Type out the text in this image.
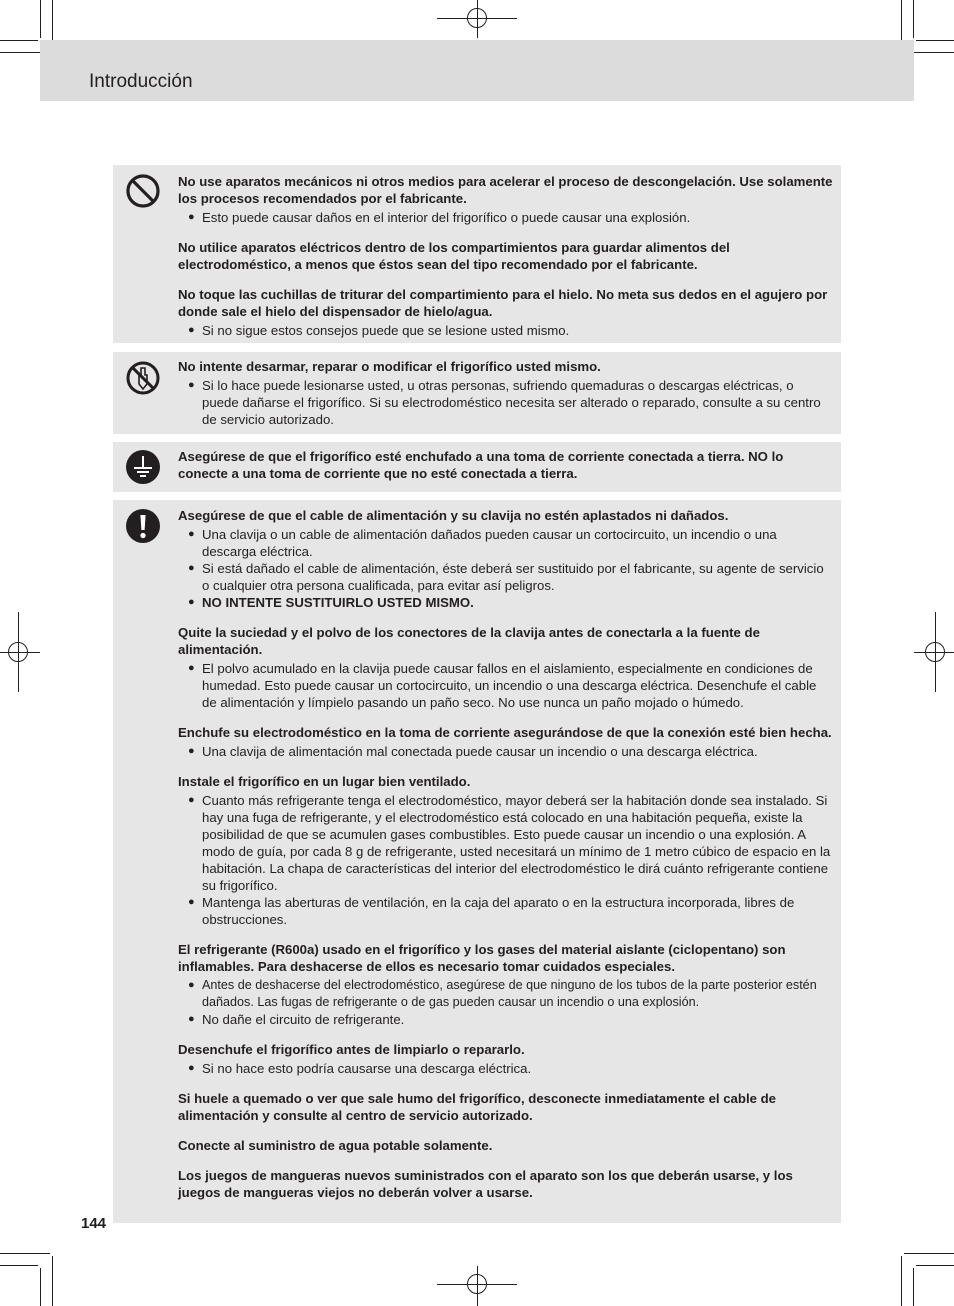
Introducción

No use aparatos mecánicos ni otros medios para acelerar el proceso de descongelación. Use solamente los procesos recomendados por el fabricante.

● Esto puede causar daños en el interior del frigorífico o puede causar una explosión.

No utilice aparatos eléctricos dentro de los compartimientos para guardar alimentos del electrodoméstico, a menos que éstos sean del tipo recomendado por el fabricante.

No toque las cuchillas de triturar del compartimiento para el hielo. No meta sus dedos en el agujero por donde sale el hielo del dispensador de hielo/agua.

● Si no sigue estos consejos puede que se lesione usted mismo.

No intente desarmar, reparar o modificar el frigorífico usted mismo.

● Si lo hace puede lesionarse usted, u otras personas, sufriendo quemaduras o descargas eléctricas, o puede dañarse el frigorífico. Si su electrodoméstico necesita ser alterado o reparado, consulte a su centro de servicio autorizado.

Asegúrese de que el frigorífico esté enchufado a una toma de corriente conectada a tierra. NO lo conecte a una toma de corriente que no esté conectada a tierra.

Asegúrese de que el cable de alimentación y su clavija no estén aplastados ni dañados.

● Una clavija o un cable de alimentación dañados pueden causar un cortocircuito, un incendio o una descarga eléctrica.
● Si está dañado el cable de alimentación, éste deberá ser sustituido por el fabricante, su agente de servicio o cualquier otra persona cualificada, para evitar así peligros.
● NO INTENTE SUSTITUIRLO USTED MISMO.

Quite la suciedad y el polvo de los conectores de la clavija antes de conectarla a la fuente de alimentación.

● El polvo acumulado en la clavija puede causar fallos en el aislamiento, especialmente en condiciones de humedad. Esto puede causar un cortocircuito, un incendio o una descarga eléctrica. Desenchufe el cable de alimentación y límpielo pasando un paño seco. No use nunca un paño mojado o húmedo.

Enchufe su electrodoméstico en la toma de corriente asegurándose de que la conexión esté bien hecha.

● Una clavija de alimentación mal conectada puede causar un incendio o una descarga eléctrica.

Instale el frigorífico en un lugar bien ventilado.

● Cuanto más refrigerante tenga el electrodoméstico, mayor deberá ser la habitación donde sea instalado. Si hay una fuga de refrigerante, y el electrodoméstico está colocado en una habitación pequeña, existe la posibilidad de que se acumulen gases combustibles. Esto puede causar un incendio o una explosión. A modo de guía, por cada 8 g de refrigerante, usted necesitará un mínimo de 1 metro cúbico de espacio en la habitación. La chapa de características del interior del electrodoméstico le dirá cuánto refrigerante contiene su frigorífico.
● Mantenga las aberturas de ventilación, en la caja del aparato o en la estructura incorporada, libres de obstrucciones.

El refrigerante (R600a) usado en el frigorífico y los gases del material aislante (ciclopentano) son inflamables. Para deshacerse de ellos es necesario tomar cuidados especiales.

● Antes de deshacerse del electrodoméstico, asegúrese de que ninguno de los tubos de la parte posterior estén dañados. Las fugas de refrigerante o de gas pueden causar un incendio o una explosión.
● No dañe el circuito de refrigerante.

Desenchufe el frigorífico antes de limpiarlo o repararlo.

● Si no hace esto podría causarse una descarga eléctrica.

Si huele a quemado o ver que sale humo del frigorífico, desconecte inmediatamente el cable de alimentación y consulte al centro de servicio autorizado.

Conecte al suministro de agua potable solamente.

Los juegos de mangueras nuevos suministrados con el aparato son los que deberán usarse, y los juegos de mangueras viejos no deberán volver a usarse.

144
